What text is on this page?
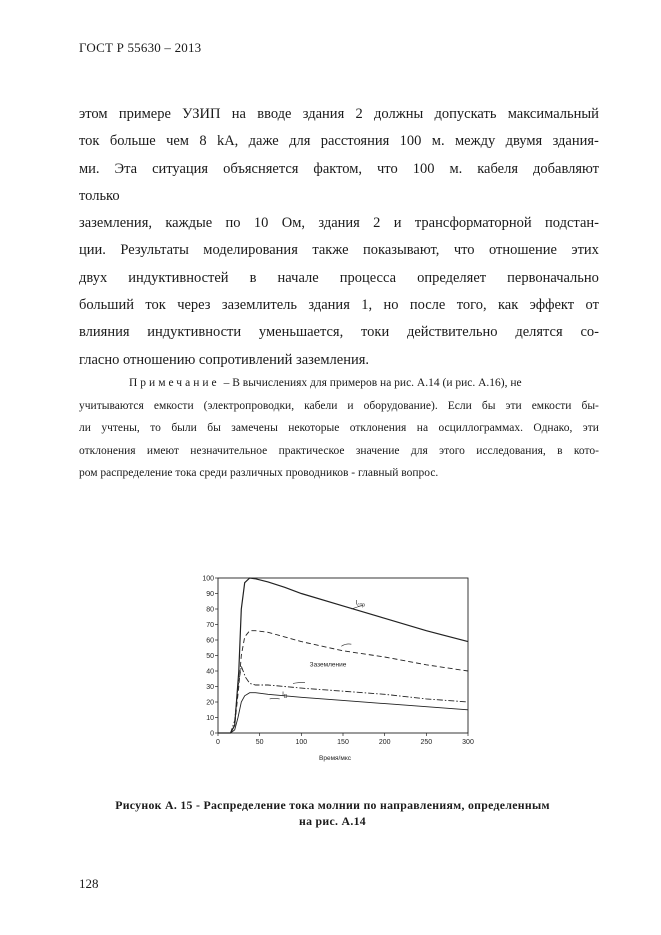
ГОСТ Р 55630 – 2013
этом примере УЗИП на вводе здания 2 должны допускать максимальный
ток больше чем 8 kA, даже для расстояния 100 м. между двумя здания-
ми. Эта ситуация объясняется фактом, что 100 м. кабеля добавляют
только
заземления, каждые по 10 Ом, здания 2 и трансформаторной подстан-
ции. Результаты моделирования также показывают, что отношение этих
двух индуктивностей в начале процесса определяет первоначально
больший ток через заземлитель здания 1, но после того, как эффект от
влияния индуктивности уменьшается, токи действительно делятся со-
гласно отношению сопротивлений заземления.
Примечание – В вычислениях для примеров на рис. А.14 (и рис. А.16), не
учитываются емкости (электропроводки, кабели и оборудование). Если бы эти емкости бы-
ли учтены, то были бы замечены некоторые отклонения на осциллограммах. Однако, эти
отклонения имеют незначительное практическое значение для этого исследования, в кото-
ром распределение тока среди различных проводников - главный вопрос.
0
10
20
30
40
50
60
70
80
90
100
0	50	100	150	200	250	300
Время/мкс
$I_{стр}$
Заземление
$I_B$
Рисунок А. 15 - Распределение тока молнии по направлениям, определенным
на рис. А.14
128
